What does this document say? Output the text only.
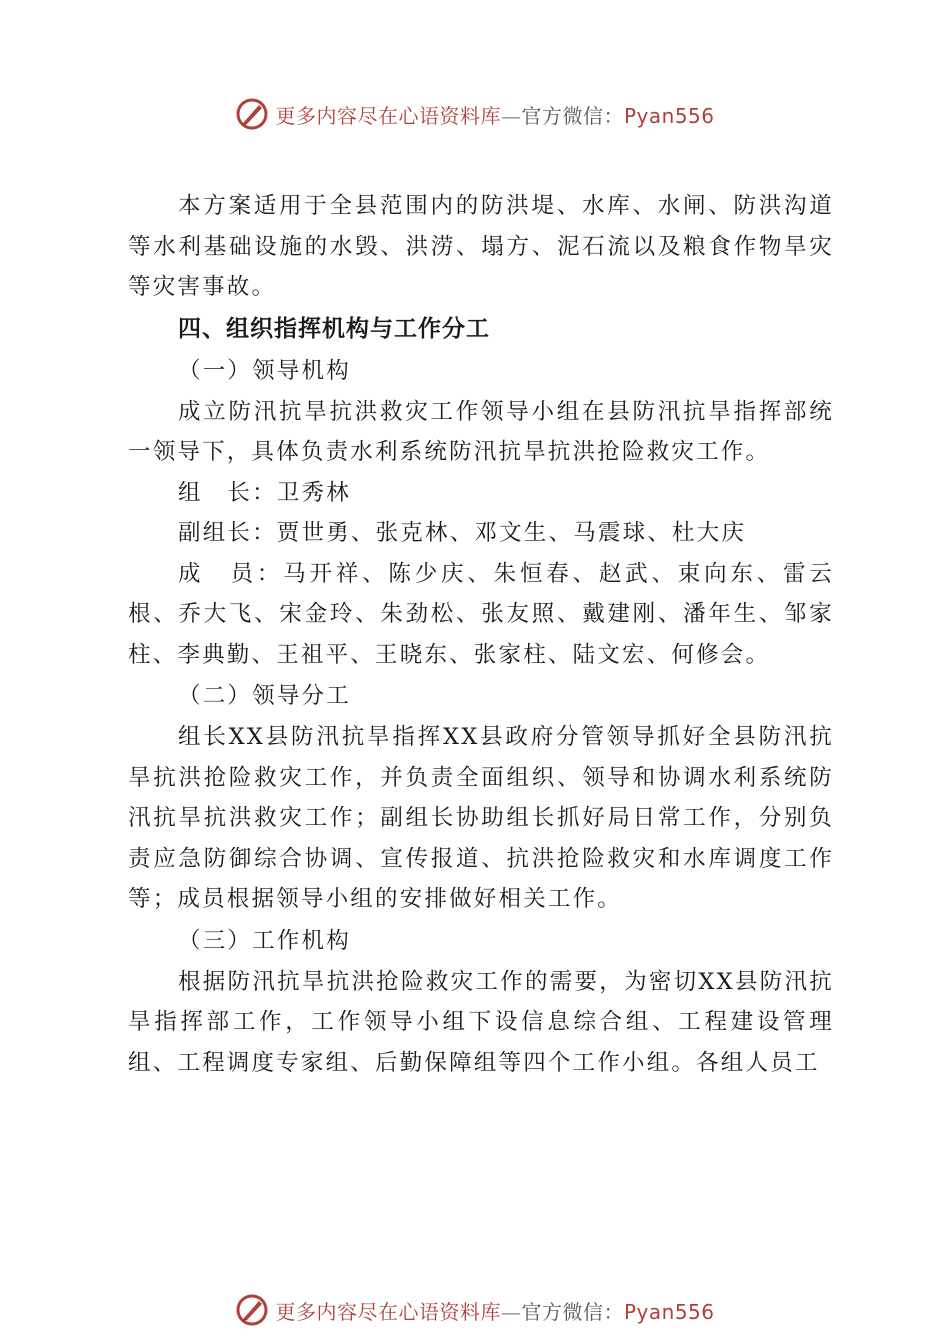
更多内容尽在心语资料库—官方微信：Pyan556

本方案适用于全县范围内的防洪堤、水库、水闸、防洪沟道等水利基础设施的水毁、洪涝、塌方、泥石流以及粮食作物旱灾等灾害事故。

四、组织指挥机构与工作分工

（一）领导机构

成立防汛抗旱抗洪救灾工作领导小组在县防汛抗旱指挥部统一领导下，具体负责水利系统防汛抗旱抗洪抢险救灾工作。

组　长：卫秀林

副组长：贾世勇、张克林、邓文生、马震球、杜大庆

成　员：马开祥、陈少庆、朱恒春、赵武、束向东、雷云根、乔大飞、宋金玲、朱劲松、张友照、戴建刚、潘年生、邹家柱、李典勤、王祖平、王晓东、张家柱、陆文宏、何修会。

（二）领导分工

组长XX县防汛抗旱指挥XX县政府分管领导抓好全县防汛抗旱抗洪抢险救灾工作，并负责全面组织、领导和协调水利系统防汛抗旱抗洪救灾工作；副组长协助组长抓好局日常工作，分别负责应急防御综合协调、宣传报道、抗洪抢险救灾和水库调度工作等；成员根据领导小组的安排做好相关工作。

（三）工作机构

根据防汛抗旱抗洪抢险救灾工作的需要，为密切XX县防汛抗旱指挥部工作，工作领导小组下设信息综合组、工程建设管理组、工程调度专家组、后勤保障组等四个工作小组。各组人员工

更多内容尽在心语资料库—官方微信：Pyan556
